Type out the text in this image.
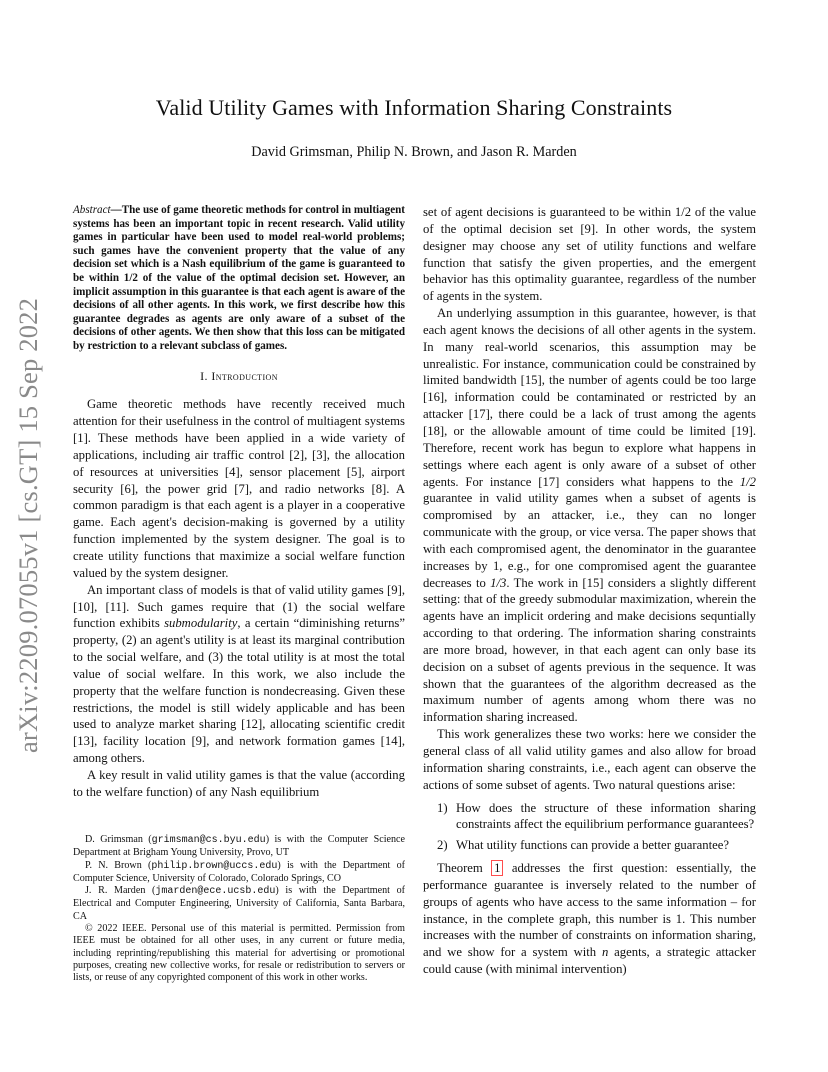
arXiv:2209.07055v1 [cs.GT] 15 Sep 2022
Valid Utility Games with Information Sharing Constraints
David Grimsman, Philip N. Brown, and Jason R. Marden

Abstract—The use of game theoretic methods for control in multiagent systems has been an important topic in recent research. Valid utility games in particular have been used to model real-world problems; such games have the convenient property that the value of any decision set which is a Nash equilibrium of the game is guaranteed to be within 1/2 of the value of the optimal decision set. However, an implicit assumption in this guarantee is that each agent is aware of the decisions of all other agents. In this work, we first describe how this guarantee degrades as agents are only aware of a subset of the decisions of other agents. We then show that this loss can be mitigated by restriction to a relevant subclass of games.

I. Introduction

Game theoretic methods have recently received much attention for their usefulness in the control of multiagent systems [1]. These methods have been applied in a wide variety of applications, including air traffic control [2], [3], the allocation of resources at universities [4], sensor placement [5], airport security [6], the power grid [7], and radio networks [8]. A common paradigm is that each agent is a player in a cooperative game. Each agent's decision-making is governed by a utility function implemented by the system designer. The goal is to create utility functions that maximize a social welfare function valued by the system designer.

An important class of models is that of valid utility games [9], [10], [11]. Such games require that (1) the social welfare function exhibits submodularity, a certain “diminishing returns” property, (2) an agent's utility is at least its marginal contribution to the social welfare, and (3) the total utility is at most the total value of social welfare. In this work, we also include the property that the welfare function is nondecreasing. Given these restrictions, the model is still widely applicable and has been used to analyze market sharing [12], allocating scientific credit [13], facility location [9], and network formation games [14], among others.

A key result in valid utility games is that the value (according to the welfare function) of any Nash equilibrium

D. Grimsman (grimsman@cs.byu.edu) is with the Computer Science Department at Brigham Young University, Provo, UT

P. N. Brown (philip.brown@uccs.edu) is with the Department of Computer Science, University of Colorado, Colorado Springs, CO

J. R. Marden (jmarden@ece.ucsb.edu) is with the Department of Electrical and Computer Engineering, University of California, Santa Barbara, CA

© 2022 IEEE. Personal use of this material is permitted. Permission from IEEE must be obtained for all other uses, in any current or future media, including reprinting/republishing this material for advertising or promotional purposes, creating new collective works, for resale or redistribution to servers or lists, or reuse of any copyrighted component of this work in other works.

set of agent decisions is guaranteed to be within 1/2 of the value of the optimal decision set [9]. In other words, the system designer may choose any set of utility functions and welfare function that satisfy the given properties, and the emergent behavior has this optimality guarantee, regardless of the number of agents in the system.

An underlying assumption in this guarantee, however, is that each agent knows the decisions of all other agents in the system. In many real-world scenarios, this assumption may be unrealistic. For instance, communication could be constrained by limited bandwidth [15], the number of agents could be too large [16], information could be contaminated or restricted by an attacker [17], there could be a lack of trust among the agents [18], or the allowable amount of time could be limited [19]. Therefore, recent work has begun to explore what happens in settings where each agent is only aware of a subset of other agents. For instance [17] considers what happens to the 1/2 guarantee in valid utility games when a subset of agents is compromised by an attacker, i.e., they can no longer communicate with the group, or vice versa. The paper shows that with each compromised agent, the denominator in the guarantee increases by 1, e.g., for one compromised agent the guarantee decreases to 1/3. The work in [15] considers a slightly different setting: that of the greedy submodular maximization, wherein the agents have an implicit ordering and make decisions sequntially according to that ordering. The information sharing constraints are more broad, however, in that each agent can only base its decision on a subset of agents previous in the sequence. It was shown that the guarantees of the algorithm decreased as the maximum number of agents among whom there was no information sharing increased.

This work generalizes these two works: here we consider the general class of all valid utility games and also allow for broad information sharing constraints, i.e., each agent can observe the actions of some subset of agents. Two natural questions arise:

1) How does the structure of these information sharing constraints affect the equilibrium performance guarantees?
2) What utility functions can provide a better guarantee?

Theorem 1 addresses the first question: essentially, the performance guarantee is inversely related to the number of groups of agents who have access to the same information – for instance, in the complete graph, this number is 1. This number increases with the number of constraints on information sharing, and we show for a system with n agents, a strategic attacker could cause (with minimal intervention)
